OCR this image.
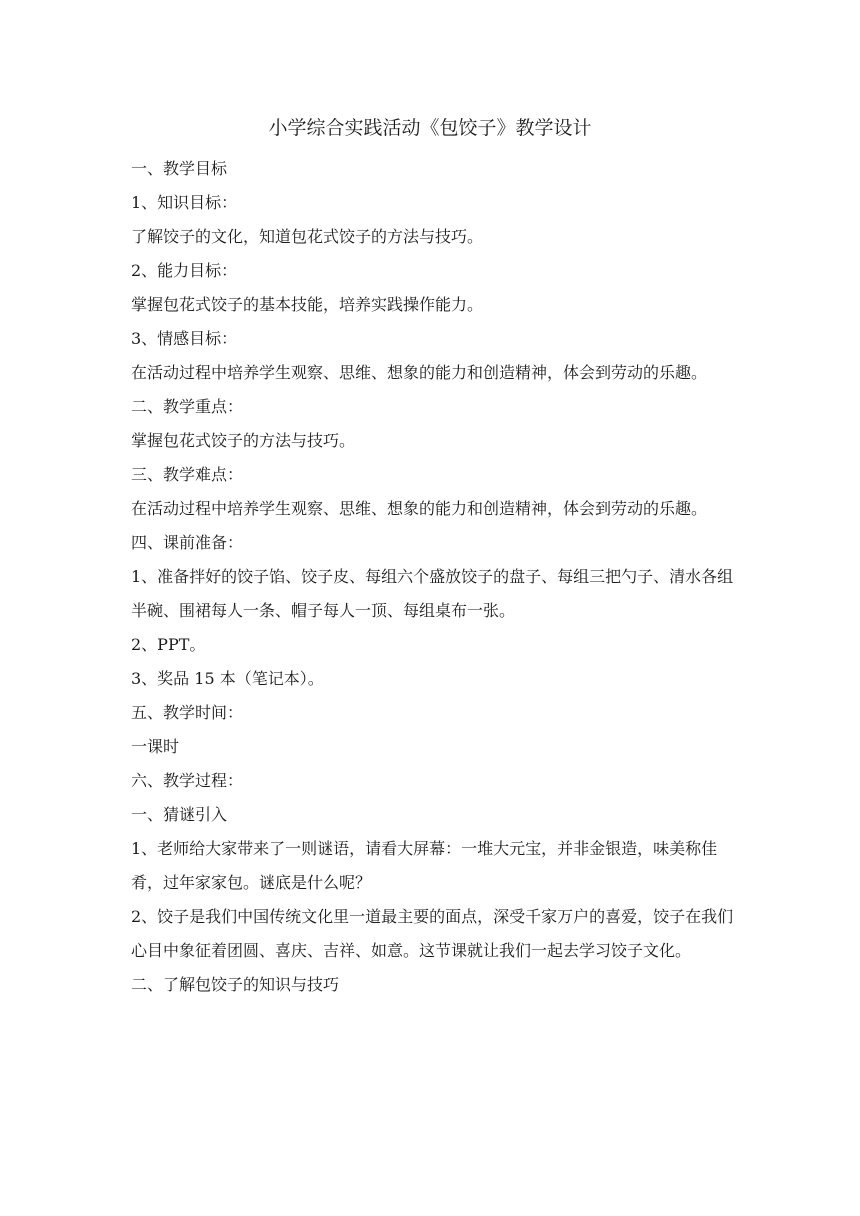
小学综合实践活动《包饺子》教学设计

一、教学目标

1、知识目标：

了解饺子的文化，知道包花式饺子的方法与技巧。

2、能力目标：

掌握包花式饺子的基本技能，培养实践操作能力。

3、情感目标：

在活动过程中培养学生观察、思维、想象的能力和创造精神，体会到劳动的乐趣。

二、教学重点：

掌握包花式饺子的方法与技巧。

三、教学难点：

在活动过程中培养学生观察、思维、想象的能力和创造精神，体会到劳动的乐趣。

四、课前准备：

1、准备拌好的饺子馅、饺子皮、每组六个盛放饺子的盘子、每组三把勺子、清水各组半碗、围裙每人一条、帽子每人一顶、每组桌布一张。

2、PPT。

3、奖品 15 本（笔记本）。

五、教学时间：

一课时

六、教学过程：

一、猜谜引入

1、老师给大家带来了一则谜语，请看大屏幕：一堆大元宝，并非金银造，味美称佳肴，过年家家包。谜底是什么呢？

2、饺子是我们中国传统文化里一道最主要的面点，深受千家万户的喜爱，饺子在我们心目中象征着团圆、喜庆、吉祥、如意。这节课就让我们一起去学习饺子文化。

二、了解包饺子的知识与技巧
